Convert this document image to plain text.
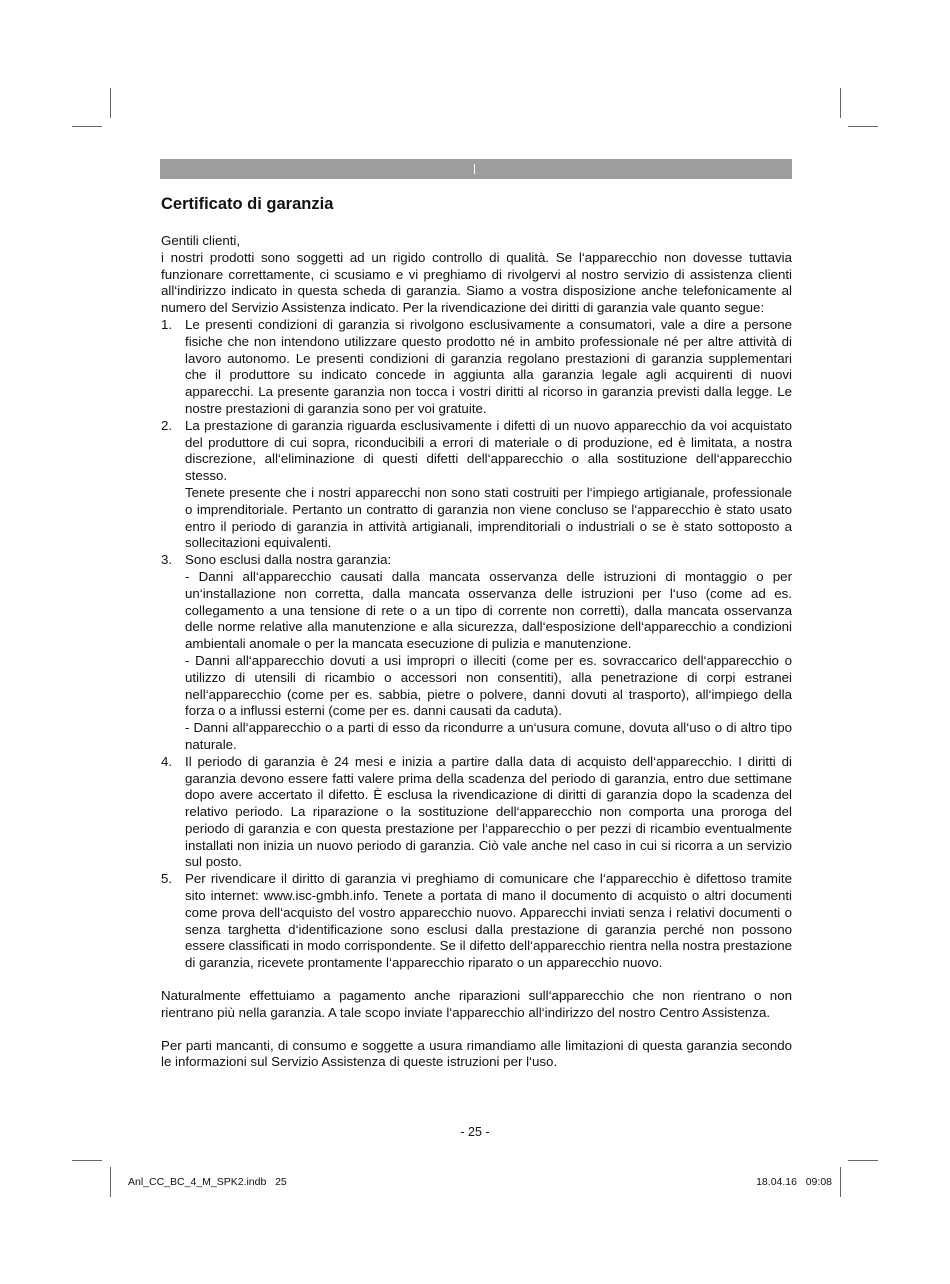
Certificato di garanzia

Gentili clienti,

i nostri prodotti sono soggetti ad un rigido controllo di qualità. Se l‘apparecchio non dovesse tuttavia funzionare correttamente, ci scusiamo e vi preghiamo di rivolgervi al nostro servizio di assistenza clienti all‘indirizzo indicato in questa scheda di garanzia. Siamo a vostra disposizione anche telefonicamente al numero del Servizio Assistenza indicato. Per la rivendicazione dei diritti di garanzia vale quanto segue:

1. Le presenti condizioni di garanzia si rivolgono esclusivamente a consumatori, vale a dire a persone fisiche che non intendono utilizzare questo prodotto né in ambito professionale né per altre attività di lavoro autonomo. Le presenti condizioni di garanzia regolano prestazioni di garanzia supplementari che il produttore su indicato concede in aggiunta alla garanzia legale agli acquirenti di nuovi apparecchi. La presente garanzia non tocca i vostri diritti al ricorso in garanzia previsti dalla legge. Le nostre prestazioni di garanzia sono per voi gratuite.
2. La prestazione di garanzia riguarda esclusivamente i difetti di un nuovo apparecchio da voi acquistato del produttore di cui sopra, riconducibili a errori di materiale o di produzione, ed è limitata, a nostra discrezione, all‘eliminazione di questi difetti dell‘apparecchio o alla sostituzione dell‘apparecchio stesso.
Tenete presente che i nostri apparecchi non sono stati costruiti per l‘impiego artigianale, professionale o imprenditoriale. Pertanto un contratto di garanzia non viene concluso se l‘apparecchio è stato usato entro il periodo di garanzia in attività artigianali, imprenditoriali o industriali o se è stato sottoposto a sollecitazioni equivalenti.
3. Sono esclusi dalla nostra garanzia:
- Danni all‘apparecchio causati dalla mancata osservanza delle istruzioni di montaggio o per un‘installazione non corretta, dalla mancata osservanza delle istruzioni per l‘uso (come ad es. collegamento a una tensione di rete o a un tipo di corrente non corretti), dalla mancata osservanza delle norme relative alla manutenzione e alla sicurezza, dall‘esposizione dell‘apparecchio a condizioni ambientali anomale o per la mancata esecuzione di pulizia e manutenzione.
- Danni all‘apparecchio dovuti a usi impropri o illeciti (come per es. sovraccarico dell‘apparecchio o utilizzo di utensili di ricambio o accessori non consentiti), alla penetrazione di corpi estranei nell‘apparecchio (come per es. sabbia, pietre o polvere, danni dovuti al trasporto), all‘impiego della forza o a influssi esterni (come per es. danni causati da caduta).
- Danni all‘apparecchio o a parti di esso da ricondurre a un‘usura comune, dovuta all‘uso o di altro tipo naturale.
4. Il periodo di garanzia è 24 mesi e inizia a partire dalla data di acquisto dell‘apparecchio. I diritti di garanzia devono essere fatti valere prima della scadenza del periodo di garanzia, entro due settimane dopo avere accertato il difetto. È esclusa la rivendicazione di diritti di garanzia dopo la scadenza del relativo periodo. La riparazione o la sostituzione dell‘apparecchio non comporta una proroga del periodo di garanzia e con questa prestazione per l‘apparecchio o per pezzi di ricambio eventualmente installati non inizia un nuovo periodo di garanzia. Ciò vale anche nel caso in cui si ricorra a un servizio sul posto.
5. Per rivendicare il diritto di garanzia vi preghiamo di comunicare che l‘apparecchio è difettoso tramite sito internet: www.isc-gmbh.info. Tenete a portata di mano il documento di acquisto o altri documenti come prova dell‘acquisto del vostro apparecchio nuovo. Apparecchi inviati senza i relativi documenti o senza targhetta d‘identificazione sono esclusi dalla prestazione di garanzia perché non possono essere classificati in modo corrispondente. Se il difetto dell‘apparecchio rientra nella nostra prestazione di garanzia, ricevete prontamente l‘apparecchio riparato o un apparecchio nuovo.

Naturalmente effettuiamo a pagamento anche riparazioni sull‘apparecchio che non rientrano o non rientrano più nella garanzia. A tale scopo inviate l‘apparecchio all‘indirizzo del nostro Centro Assistenza.

Per parti mancanti, di consumo e soggette a usura rimandiamo alle limitazioni di questa garanzia secondo le informazioni sul Servizio Assistenza di queste istruzioni per l‘uso.

- 25 -
Anl_CC_BC_4_M_SPK2.indb   25	18.04.16   09:08
